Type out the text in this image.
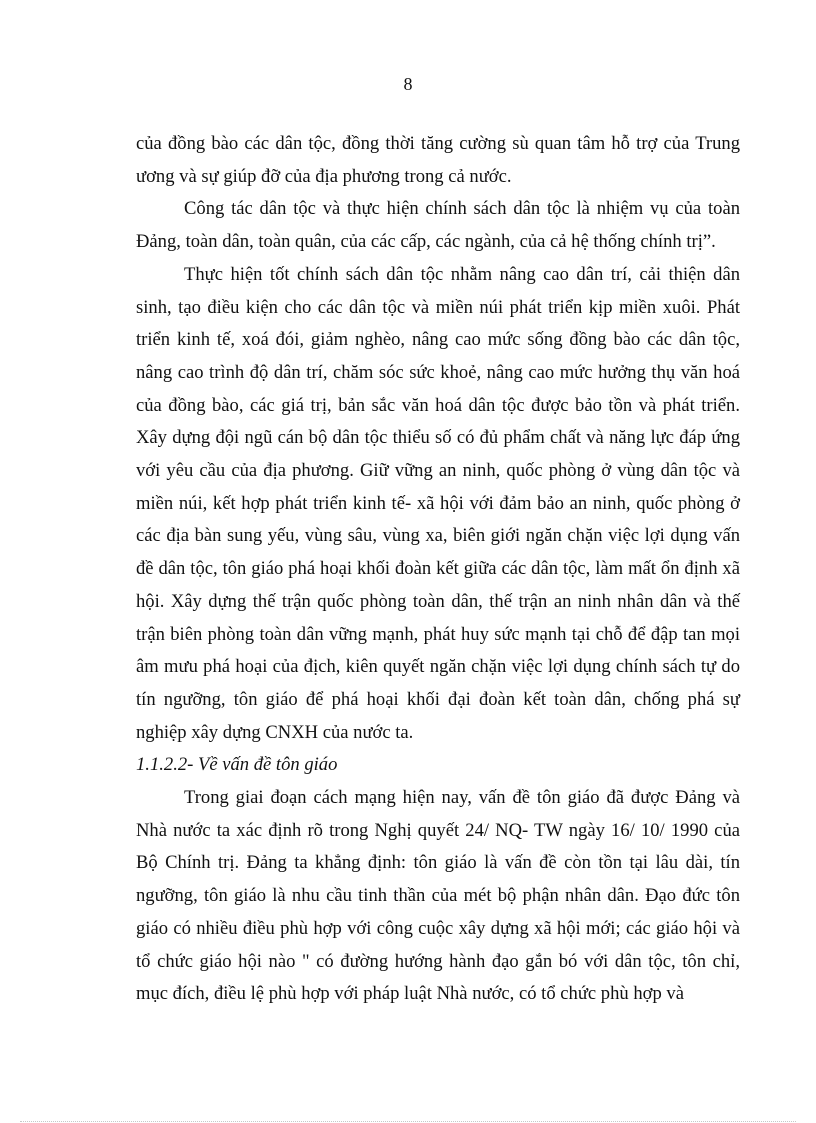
8

của đồng bào các dân tộc, đồng thời tăng cường sù quan tâm hỗ trợ của Trung ương và sự giúp đỡ của địa phương trong cả nước.

Công tác dân tộc và thực hiện chính sách dân tộc là nhiệm vụ của toàn Đảng, toàn dân, toàn quân, của các cấp, các ngành, của cả hệ thống chính trị”.

Thực hiện tốt chính sách dân tộc nhằm nâng cao dân trí, cải thiện dân sinh, tạo điều kiện cho các dân tộc và miền núi phát triển kịp miền xuôi. Phát triển kinh tế, xoá đói, giảm nghèo, nâng cao mức sống đồng bào các dân tộc, nâng cao trình độ dân trí, chăm sóc sức khoẻ, nâng cao mức hưởng thụ văn hoá của đồng bào, các giá trị, bản sắc văn hoá dân tộc được bảo tồn và phát triển. Xây dựng đội ngũ cán bộ dân tộc thiểu số có đủ phẩm chất và năng lực đáp ứng với yêu cầu của địa phương. Giữ vững an ninh, quốc phòng ở vùng dân tộc và miền núi, kết hợp phát triển kinh tế- xã hội với đảm bảo an ninh, quốc phòng ở các địa bàn sung yếu, vùng sâu, vùng xa, biên giới ngăn chặn việc lợi dụng vấn đề dân tộc, tôn giáo phá hoại khối đoàn kết giữa các dân tộc, làm mất ổn định xã hội. Xây dựng thế trận quốc phòng toàn dân, thế trận an ninh nhân dân và thế trận biên phòng toàn dân vững mạnh, phát huy sức mạnh tại chỗ để đập tan mọi âm mưu phá hoại của địch, kiên quyết ngăn chặn việc lợi dụng chính sách tự do tín ngưỡng, tôn giáo để phá hoại khối đại đoàn kết toàn dân, chống phá sự nghiệp xây dựng CNXH của nước ta.

1.1.2.2- Về vấn đề tôn giáo

Trong giai đoạn cách mạng hiện nay, vấn đề tôn giáo đã được Đảng và Nhà nước ta xác định rõ trong Nghị quyết 24/ NQ- TW ngày 16/ 10/ 1990 của Bộ Chính trị. Đảng ta khẳng định: tôn giáo là vấn đề còn tồn tại lâu dài, tín ngưỡng, tôn giáo là nhu cầu tinh thần của mét bộ phận nhân dân. Đạo đức tôn giáo có nhiều điều phù hợp với công cuộc xây dựng xã hội mới; các giáo hội và tổ chức giáo hội nào " có đường hướng hành đạo gắn bó với dân tộc, tôn chỉ, mục đích, điều lệ phù hợp với pháp luật Nhà nước, có tổ chức phù hợp và
